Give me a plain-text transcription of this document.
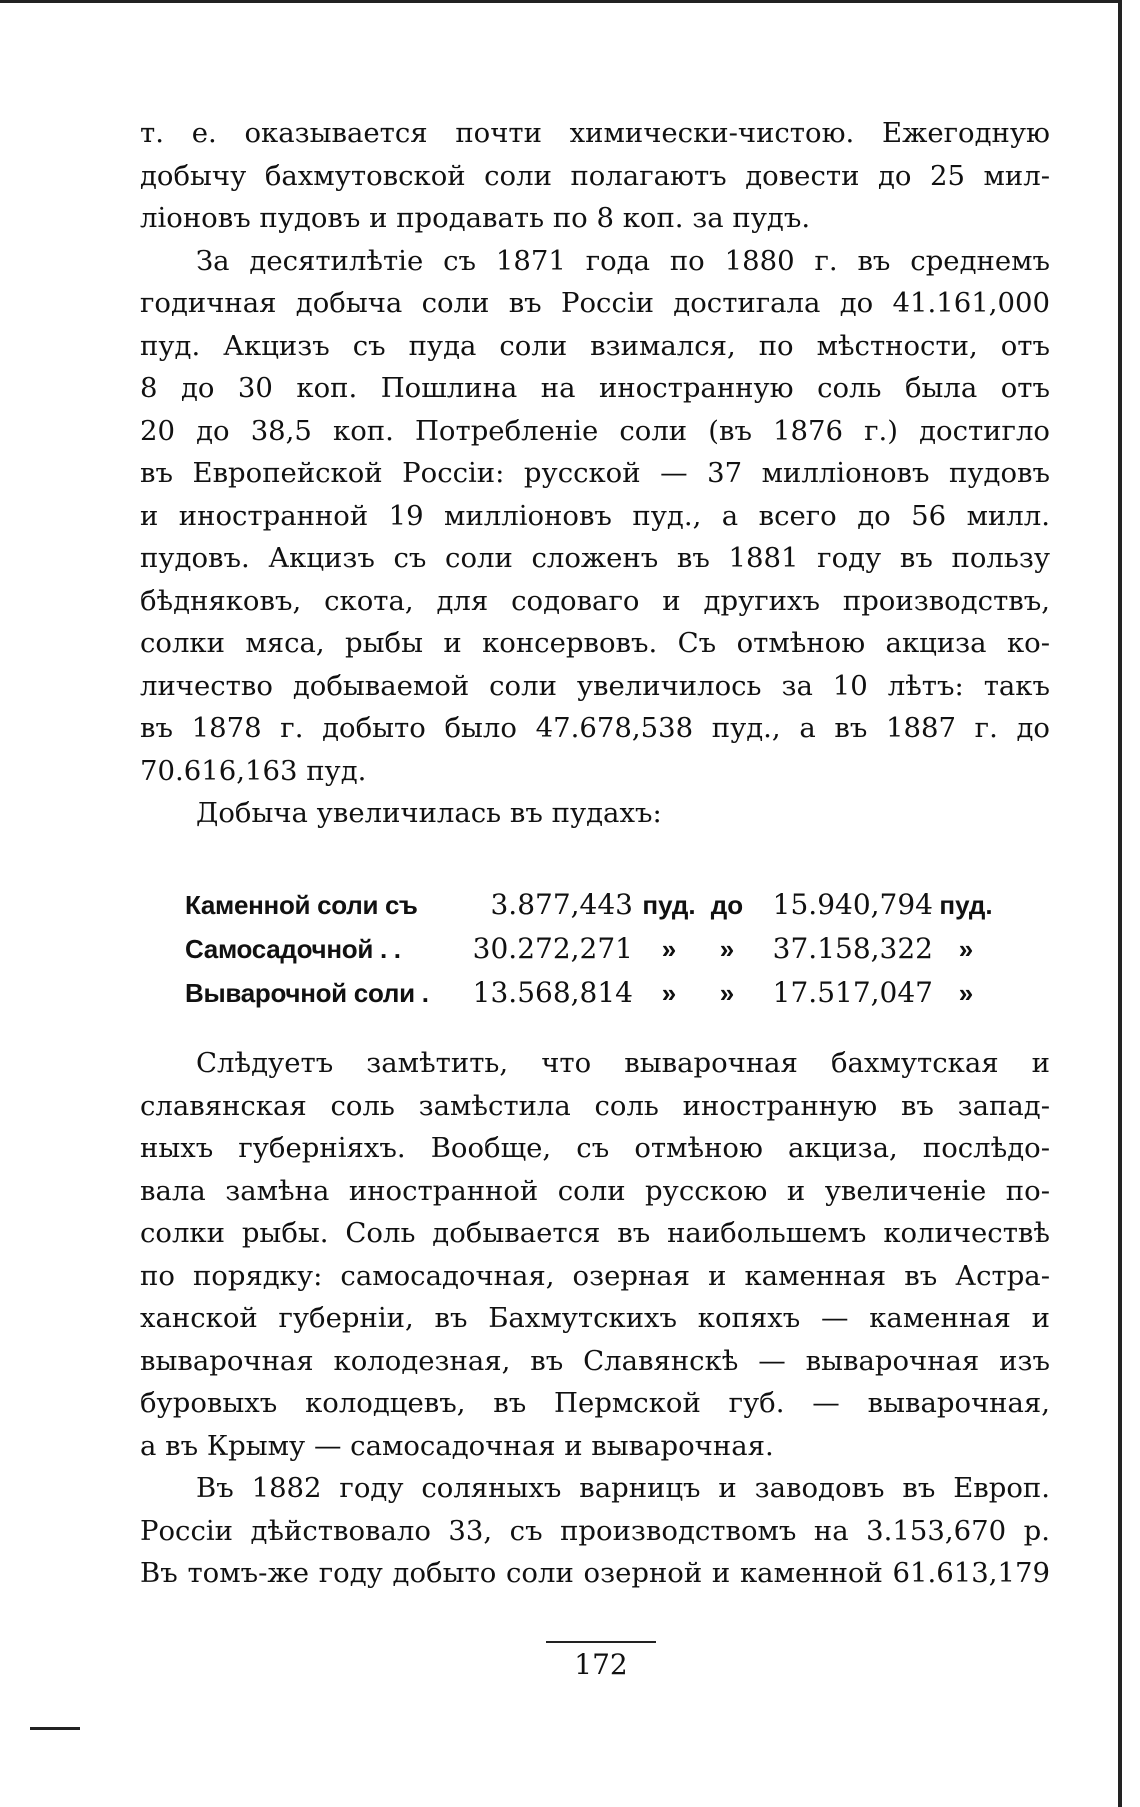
т. е. оказывается почти химически-чистою. Ежегодную
добычу бахмутовской соли полагаютъ довести до 25 мил-
лiоновъ пудовъ и продавать по 8 коп. за пудъ.
За десятилѣтiе съ 1871 года по 1880 г. въ среднемъ
годичная добыча соли въ Россiи достигала до 41.161,000
пуд. Акцизъ съ пуда соли взимался, по мѣстности, отъ
8 до 30 коп. Пошлина на иностранную соль была отъ
20 до 38,5 коп. Потребленiе соли (въ 1876 г.) достигло
въ Европейской Россiи: русской — 37 миллiоновъ пудовъ
и иностранной 19 миллiоновъ пуд., а всего до 56 милл.
пудовъ. Акцизъ съ соли сложенъ въ 1881 году въ пользу
бѣдняковъ, скота, для содоваго и другихъ производствъ,
солки мяса, рыбы и консервовъ. Съ отмѣною акциза ко-
личество добываемой соли увеличилось за 10 лѣтъ: такъ
въ 1878 г. добыто было 47.678,538 пуд., а въ 1887 г. до
70.616,163 пуд.
Добыча увеличилась въ пудахъ:
Каменной соли съ	3.877,443 пуд. до	15.940,794 пуд.
Самосадочной . .	30.272,271	»	»	37.158,322 »
Выварочной соли .	13.568,814	»	»	17.517,047 »
Слѣдуетъ замѣтить, что выварочная бахмутская и
славянская соль замѣстила соль иностранную въ запад-
ныхъ губернiяхъ. Вообще, съ отмѣною акциза, послѣдо-
вала замѣна иностранной соли русскою и увеличенiе по-
солки рыбы. Соль добывается въ наибольшемъ количествѣ
по порядку: самосадочная, озерная и каменная въ Астра-
ханской губернiи, въ Бахмутскихъ копяхъ — каменная и
выварочная колодезная, въ Славянскѣ — выварочная изъ
буровыхъ колодцевъ, въ Пермской губ. — выварочная,
а въ Крыму — самосадочная и выварочная.
Въ 1882 году соляныхъ варницъ и заводовъ въ Европ.
Россiи дѣйствовало 33, съ производствомъ на 3.153,670 р.
Въ томъ-же году добыто соли озерной и каменной 61.613,179
172
